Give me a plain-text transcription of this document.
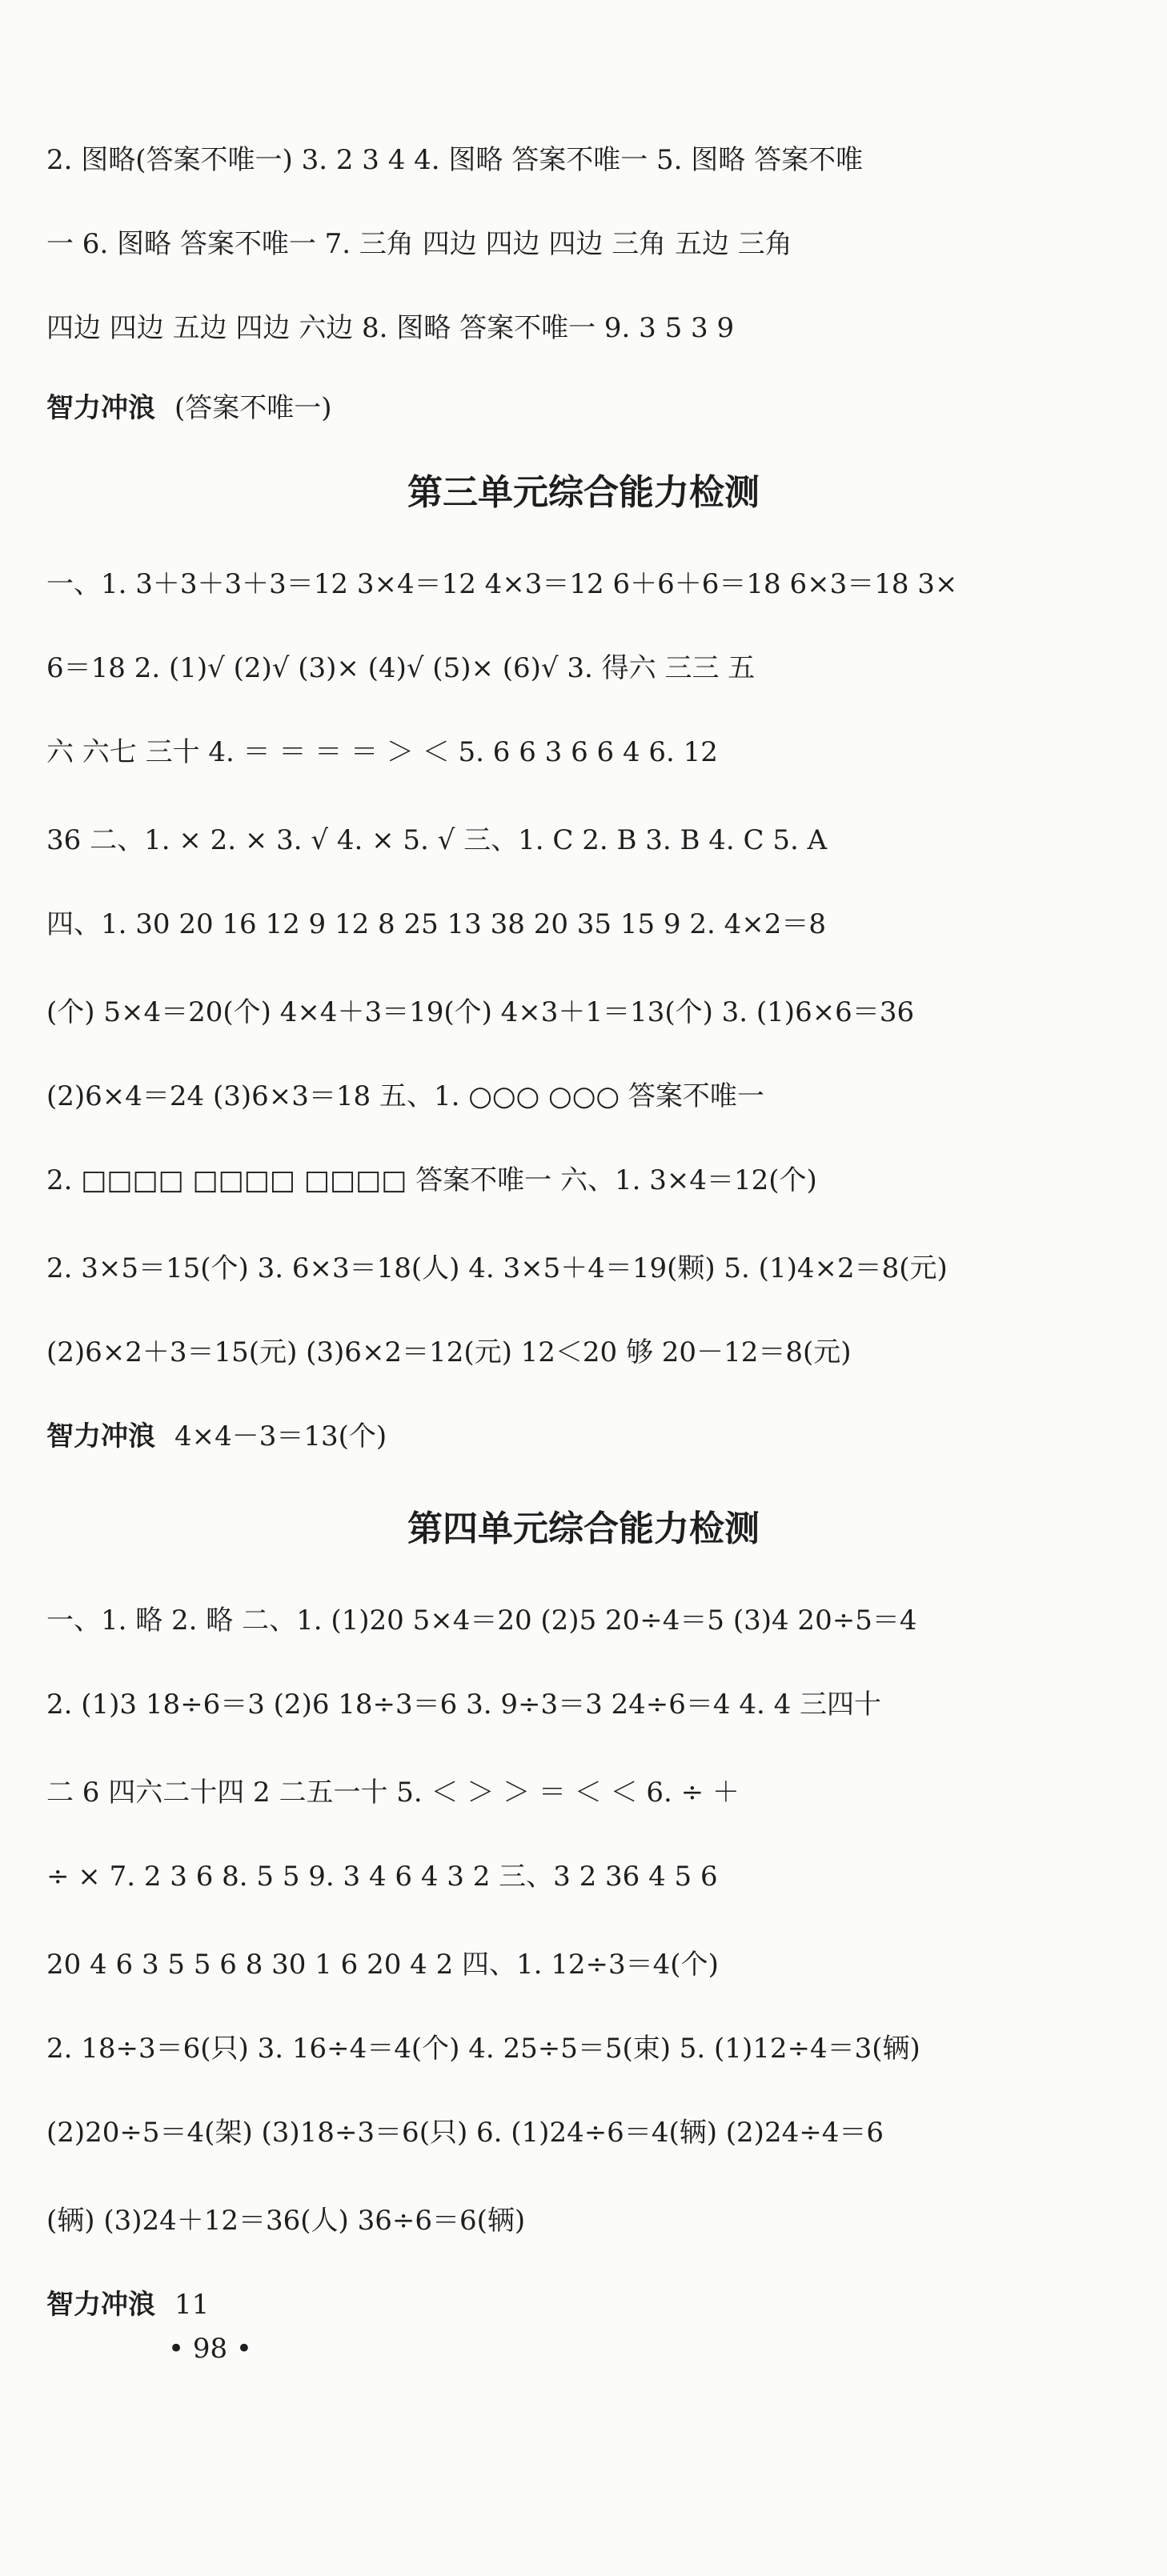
2. 图略(答案不唯一) 3. 2 3 4 4. 图略 答案不唯一 5. 图略 答案不唯
一 6. 图略 答案不唯一 7. 三角 四边 四边 四边 三角 五边 三角
四边 四边 五边 四边 六边 8. 图略 答案不唯一 9. 3 5 3 9
智力冲浪 (答案不唯一)
第三单元综合能力检测
一、1. 3＋3＋3＋3＝12 3×4＝12 4×3＝12 6＋6＋6＝18 6×3＝18 3×
6＝18 2. (1)√ (2)√ (3)× (4)√ (5)× (6)√ 3. 得六 三三 五
六 六七 三十 4. ＝ ＝ ＝ ＝ ＞ ＜ 5. 6 6 3 6 6 4 6. 12
36 二、1. × 2. × 3. √ 4. × 5. √ 三、1. C 2. B 3. B 4. C 5. A
四、1. 30 20 16 12 9 12 8 25 13 38 20 35 15 9 2. 4×2＝8
(个) 5×4＝20(个) 4×4＋3＝19(个) 4×3＋1＝13(个) 3. (1)6×6＝36
(2)6×4＝24 (3)6×3＝18 五、1. ○○○ ○○○ 答案不唯一
2. □□□□ □□□□ □□□□ 答案不唯一 六、1. 3×4＝12(个)
2. 3×5＝15(个) 3. 6×3＝18(人) 4. 3×5＋4＝19(颗) 5. (1)4×2＝8(元)
(2)6×2＋3＝15(元) (3)6×2＝12(元) 12＜20 够 20－12＝8(元)
智力冲浪 4×4－3＝13(个)
第四单元综合能力检测
一、1. 略 2. 略 二、1. (1)20 5×4＝20 (2)5 20÷4＝5 (3)4 20÷5＝4
2. (1)3 18÷6＝3 (2)6 18÷3＝6 3. 9÷3＝3 24÷6＝4 4. 4 三四十
二 6 四六二十四 2 二五一十 5. ＜ ＞ ＞ ＝ ＜ ＜ 6. ÷ ＋
÷ × 7. 2 3 6 8. 5 5 9. 3 4 6 4 3 2 三、3 2 36 4 5 6
20 4 6 3 5 5 6 8 30 1 6 20 4 2 四、1. 12÷3＝4(个)
2. 18÷3＝6(只) 3. 16÷4＝4(个) 4. 25÷5＝5(束) 5. (1)12÷4＝3(辆)
(2)20÷5＝4(架) (3)18÷3＝6(只) 6. (1)24÷6＝4(辆) (2)24÷4＝6
(辆) (3)24＋12＝36(人) 36÷6＝6(辆)
智力冲浪 11
• 98 •
